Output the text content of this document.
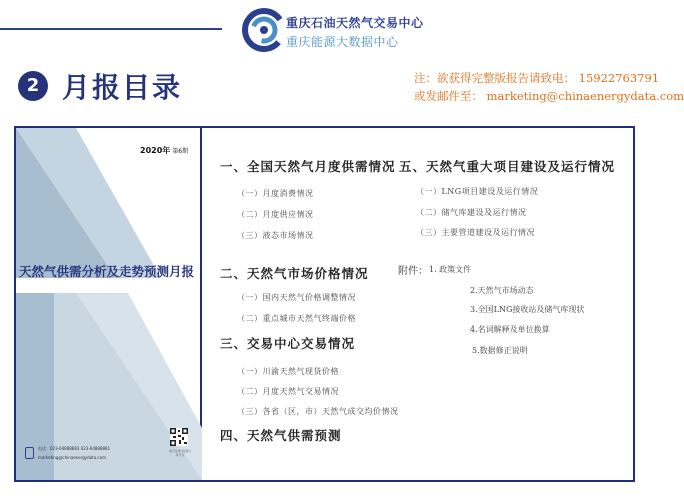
重庆石油天然气交易中心
重庆能源大数据中心
2 月报目录	注：欲获得完整版报告请致电： 15922763791
或发邮件至： marketing@chinaenergydata.com
2020年 第6期
天然气供需分析及走势预测月报
电话：023-64888883 023-64888881
marketing@chinaenergydata.com
重庆能源 数据交易平台
一、全国天然气月度供需情况
（一）月度消费情况
（二）月度供应情况
（三）液态市场情况
二、天然气市场价格情况
（一）国内天然气价格调整情况
（二）重点城市天然气终端价格
三、交易中心交易情况
（一）川渝天然气现货价格
（二）月度天然气交易情况
（三）各省（区，市）天然气成交均价情况
四、天然气供需预测
五、天然气重大项目建设及运行情况
（一）LNG项目建设及运行情况
（二）储气库建设及运行情况
（三）主要管道建设及运行情况
附件： 1. 政策文件
2.天然气市场动态
3.全国LNG接收站及储气库现状
4.名词解释及单位换算
5.数据修正说明
